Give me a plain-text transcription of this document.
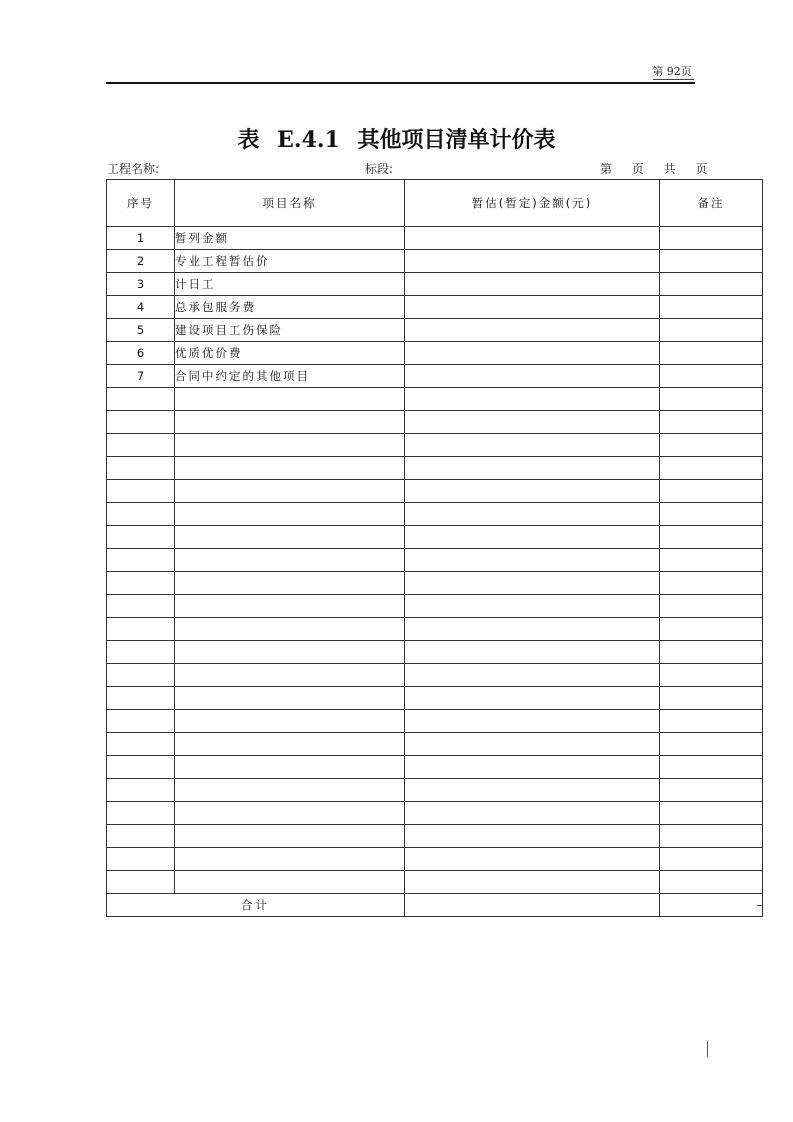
第 92页
表 E.4.1 其他项目清单计价表
工程名称:	标段:	第 页 共 页
序号	项目名称	暂估(暂定)金额(元)	备注
1	暂列金额		
2	专业工程暂估价		
3	计日工		
4	总承包服务费		
5	建设项目工伤保险		
6	优质优价费		
7	合同中约定的其他项目		

合计			–
